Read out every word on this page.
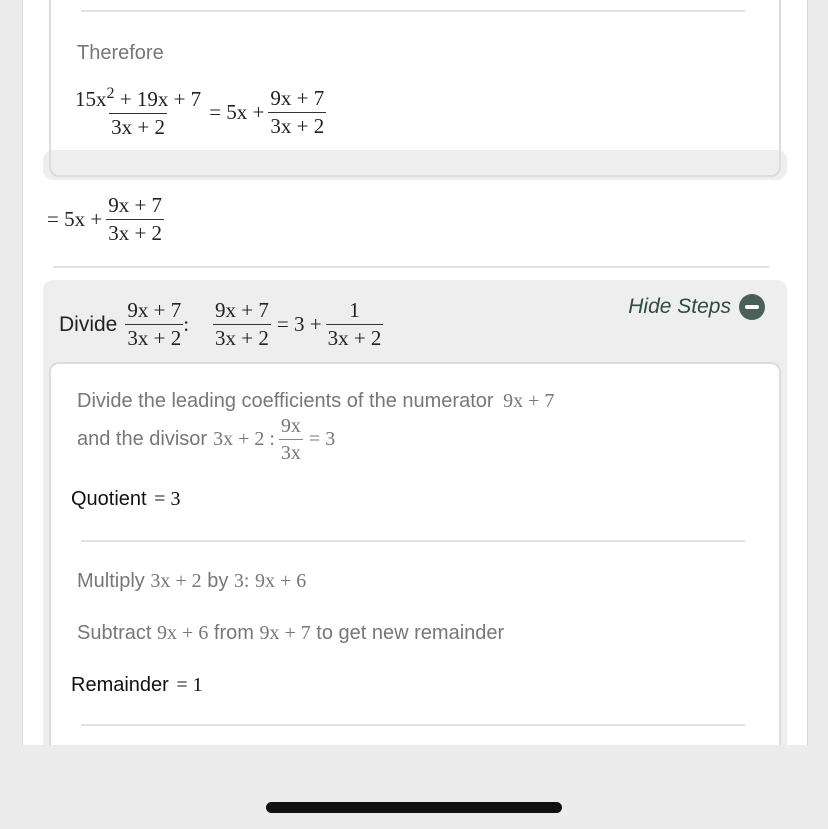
Therefore
$\frac{15x^2 + 19x + 7}{3x + 2} = 5x + \frac{9x + 7}{3x + 2}$
= $5x + \frac{9x + 7}{3x + 2}$
Divide $\frac{9x + 7}{3x + 2}$ : $\frac{9x + 7}{3x + 2} = 3 + \frac{1}{3x + 2}$	Hide Steps
Divide the leading coefficients of the numerator 9x + 7
and the divisor 3x + 2 : $\frac{9x}{3x} = 3$
Quotient = 3
Multiply 3x + 2 by 3: 9x + 6
Subtract 9x + 6 from 9x + 7 to get new remainder
Remainder = 1
